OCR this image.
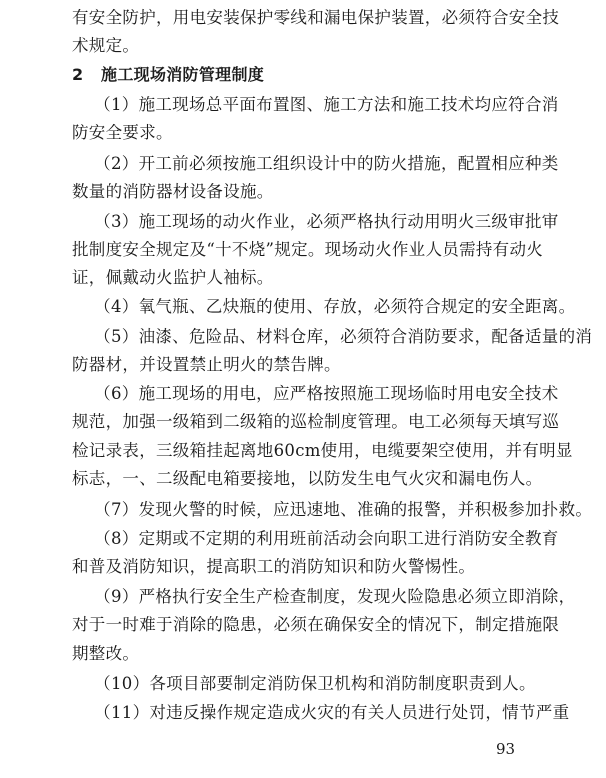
有安全防护，用电安装保护零线和漏电保护装置，必须符合安全技
术规定。
2   施工现场消防管理制度
（1）施工现场总平面布置图、施工方法和施工技术均应符合消
防安全要求。
（2）开工前必须按施工组织设计中的防火措施，配置相应种类
数量的消防器材设备设施。
（3）施工现场的动火作业，必须严格执行动用明火三级审批审
批制度安全规定及“十不烧”规定。现场动火作业人员需持有动火
证，佩戴动火监护人袖标。
（4）氧气瓶、乙炔瓶的使用、存放，必须符合规定的安全距离。
（5）油漆、危险品、材料仓库，必须符合消防要求，配备适量的消
防器材，并设置禁止明火的禁告牌。
（6）施工现场的用电，应严格按照施工现场临时用电安全技术
规范，加强一级箱到二级箱的巡检制度管理。电工必须每天填写巡
检记录表，三级箱挂起离地60cm使用，电缆要架空使用，并有明显
标志，一、二级配电箱要接地，以防发生电气火灾和漏电伤人。
（7）发现火警的时候，应迅速地、准确的报警，并积极参加扑救。
（8）定期或不定期的利用班前活动会向职工进行消防安全教育
和普及消防知识，提高职工的消防知识和防火警惕性。
（9）严格执行安全生产检查制度，发现火险隐患必须立即消除，
对于一时难于消除的隐患，必须在确保安全的情况下，制定措施限
期整改。
（10）各项目部要制定消防保卫机构和消防制度职责到人。
（11）对违反操作规定造成火灾的有关人员进行处罚，情节严重
93
